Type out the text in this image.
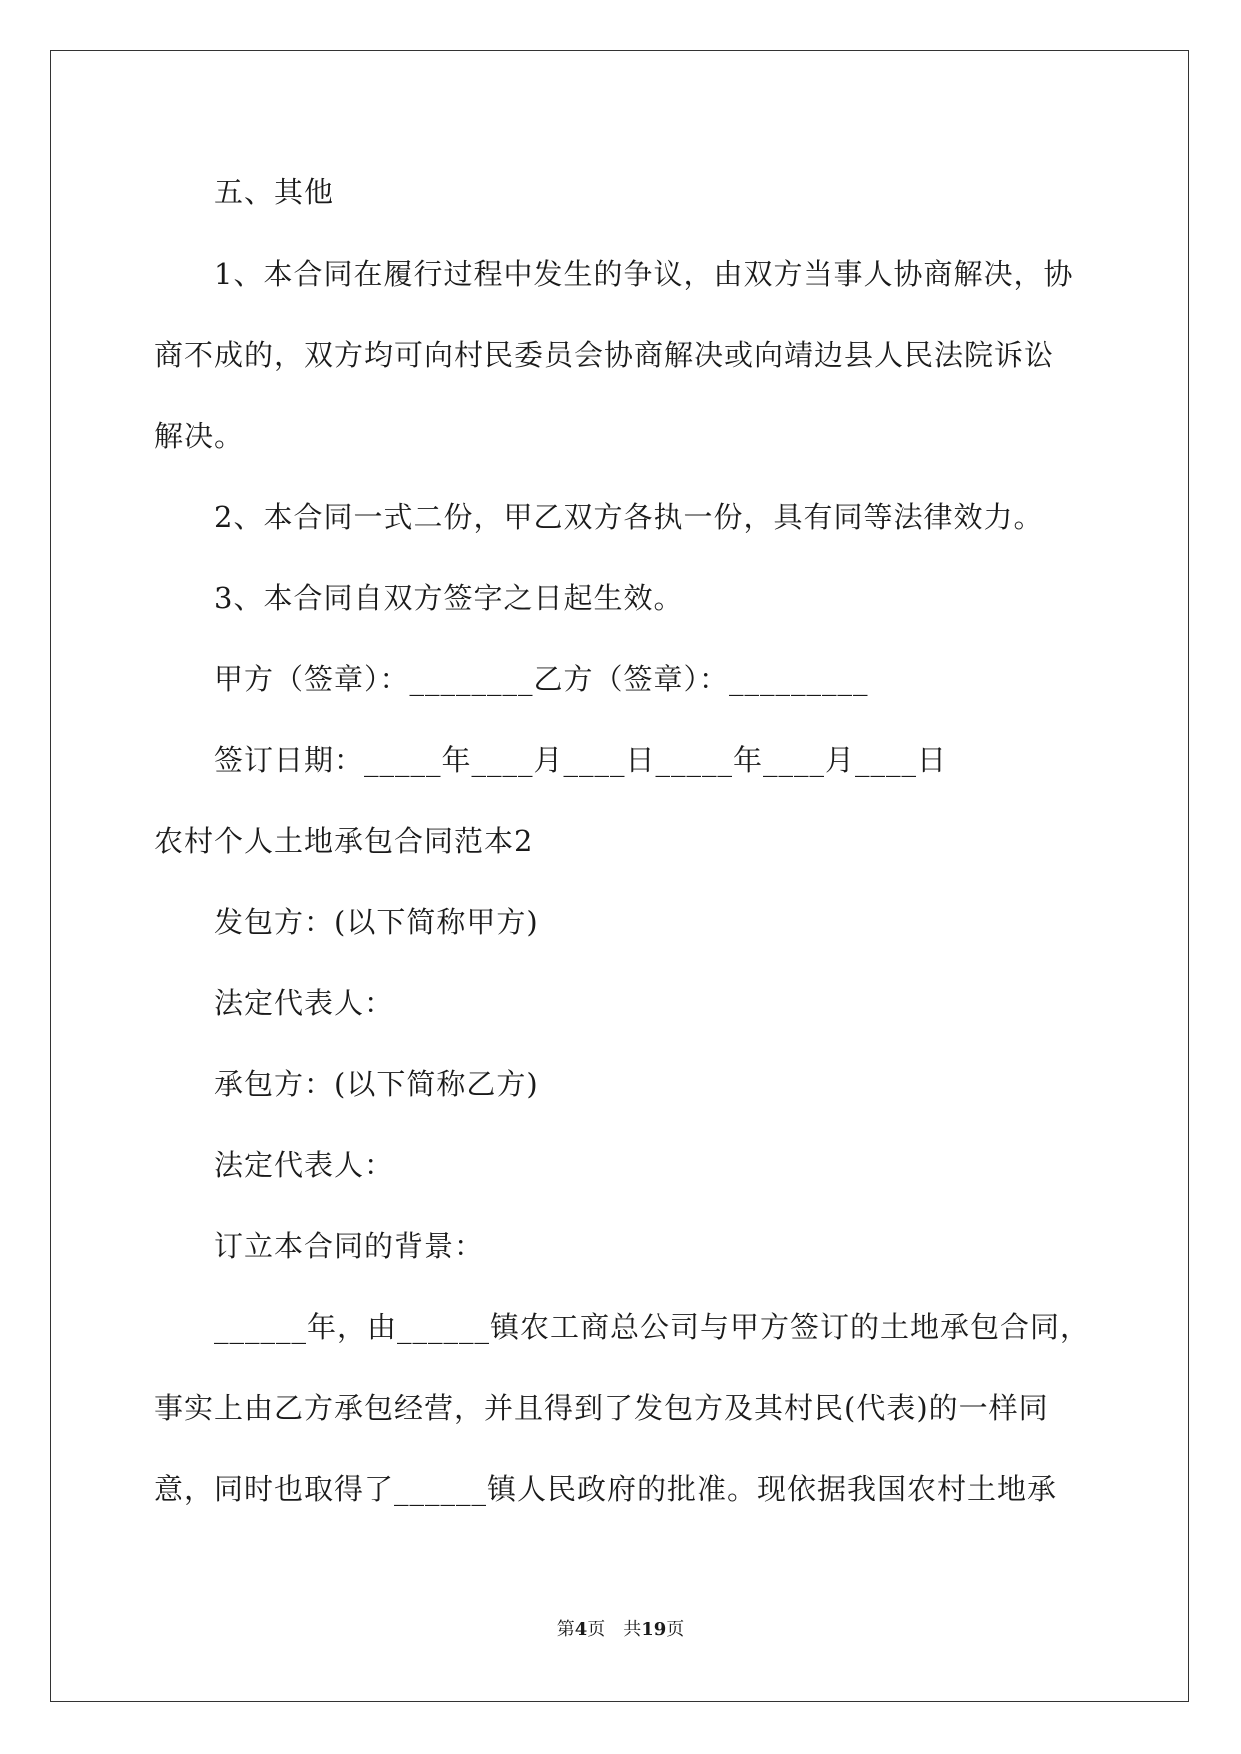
五、其他
1、本合同在履行过程中发生的争议，由双方当事人协商解决，协
商不成的，双方均可向村民委员会协商解决或向靖边县人民法院诉讼
解决。
2、本合同一式二份，甲乙双方各执一份，具有同等法律效力。
3、本合同自双方签字之日起生效。
甲方（签章）：________乙方（签章）：_________
签订日期：_____年____月____日_____年____月____日
农村个人土地承包合同范本2
发包方：(以下简称甲方)
法定代表人：
承包方：(以下简称乙方)
法定代表人：
订立本合同的背景：
______年，由______镇农工商总公司与甲方签订的土地承包合同，
事实上由乙方承包经营，并且得到了发包方及其村民(代表)的一样同
意，同时也取得了______镇人民政府的批准。现依据我国农村土地承
第4页　共19页
